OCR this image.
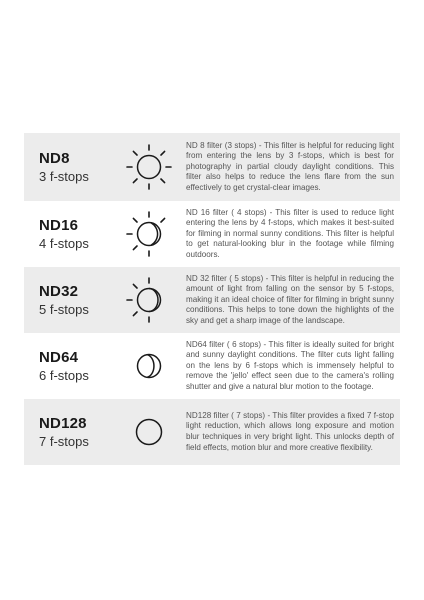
ND8
3 f-stops
ND 8 filter (3 stops) - This filter is helpful for reducing light from entering the lens by 3 f-stops, which is best for photography in partial cloudy daylight conditions. This filter also helps to reduce the lens flare from the sun effectively to get crystal-clear images.
ND16
4 f-stops
ND 16 filter ( 4 stops) - This filter is used to reduce light entering the lens by 4 f-stops, which makes it best-suited for filming in normal sunny conditions. This filter is helpful to get natural-looking blur in the footage while filming outdoors.
ND32
5 f-stops
ND 32 filter ( 5 stops) - This filter is helpful in reducing the amount of light from falling on the sensor by 5 f-stops, making it an ideal choice of filter for filming in bright sunny conditions. This helps to tone down the highlights of the sky and get a sharp image of the landscape.
ND64
6 f-stops
ND64 filter ( 6 stops) - This filter is ideally suited for bright and sunny daylight conditions. The filter cuts light falling on the lens by 6 f-stops which is immensely helpful to remove the 'jello' effect seen due to the camera's rolling shutter and give a natural blur motion to the footage.
ND128
7 f-stops
ND128 filter ( 7 stops) - This filter provides a fixed 7 f-stop light reduction, which allows long exposure and motion blur techniques in very bright light. This unlocks depth of field effects, motion blur and more creative flexibility.
